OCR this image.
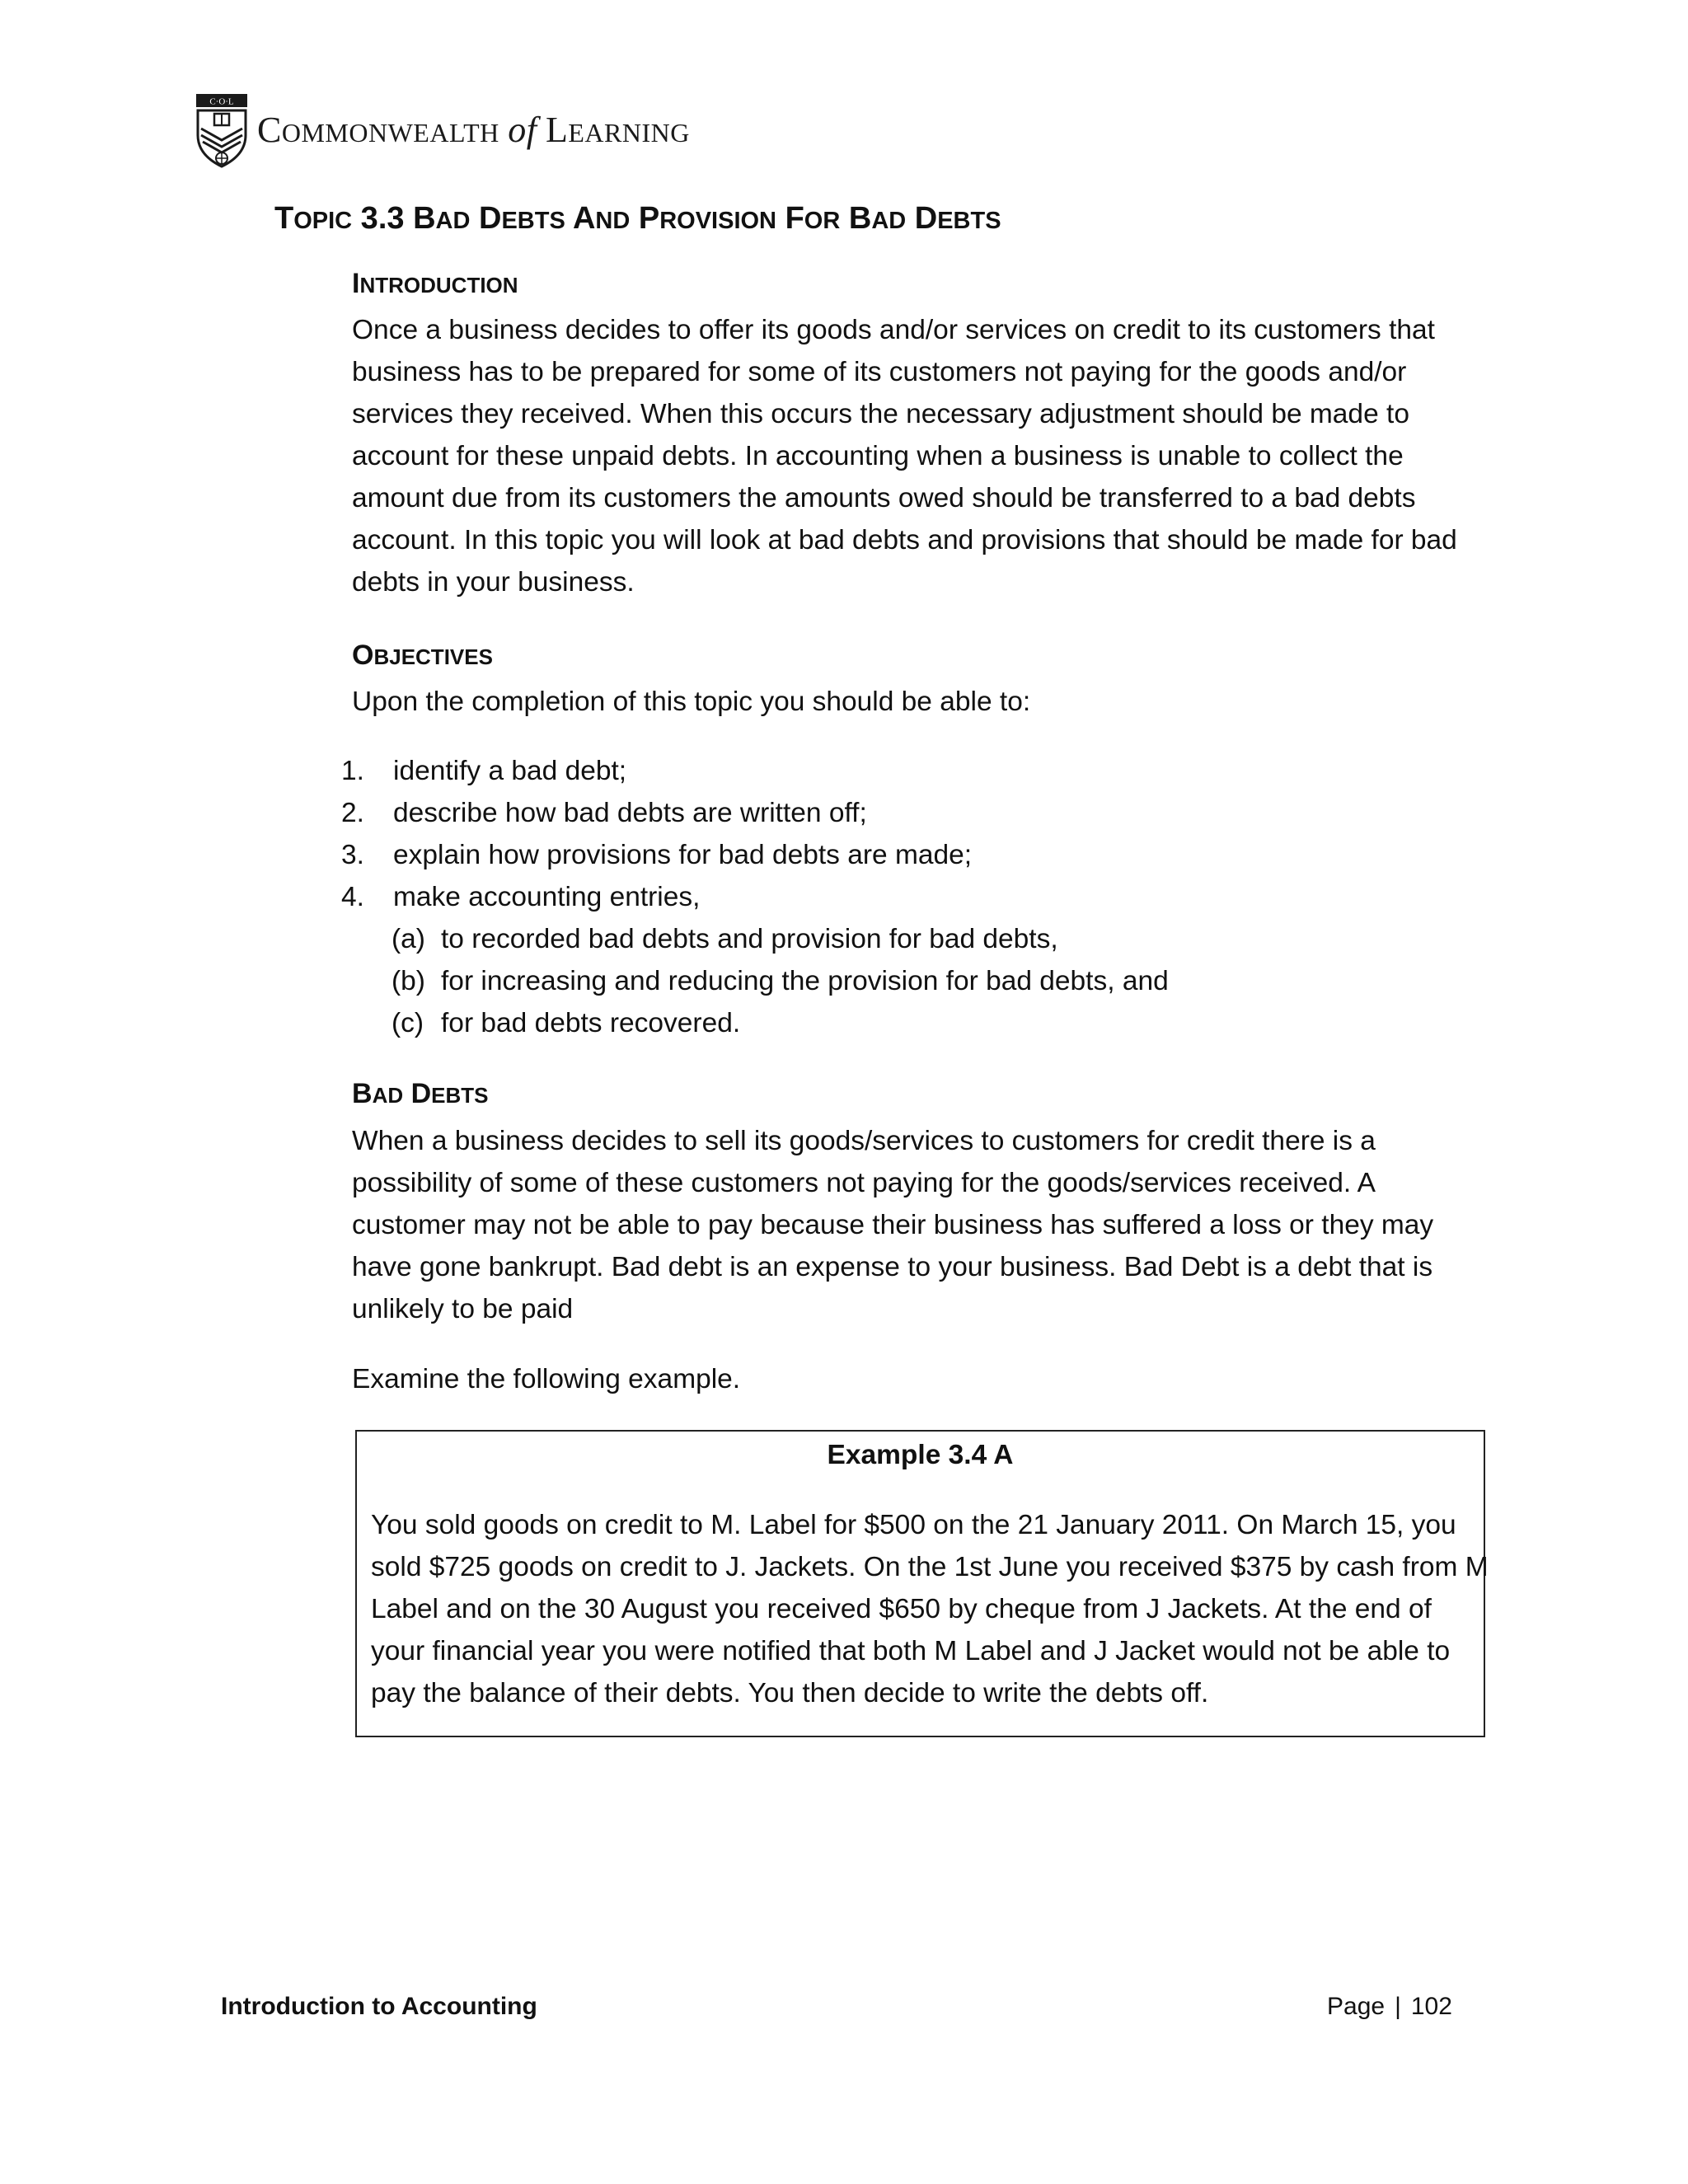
C·O·L
COMMONWEALTH of LEARNING
TOPIC 3.3 BAD DEBTS AND PROVISION FOR BAD DEBTS
INTRODUCTION
Once a business decides to offer its goods and/or services on credit to its customers that
business has to be prepared for some of its customers not paying for the goods and/or
services they received. When this occurs the necessary adjustment should be made to
account for these unpaid debts. In accounting when a business is unable to collect the
amount due from its customers the amounts owed should be transferred to a bad debts
account. In this topic you will look at bad debts and provisions that should be made for bad
debts in your business.
OBJECTIVES
Upon the completion of this topic you should be able to:
1.	identify a bad debt;
2.	describe how bad debts are written off;
3.	explain how provisions for bad debts are made;
4.	make accounting entries,
(a) to recorded bad debts and provision for bad debts,
(b) for increasing and reducing the provision for bad debts, and
(c) for bad debts recovered.
BAD DEBTS
When a business decides to sell its goods/services to customers for credit there is a
possibility of some of these customers not paying for the goods/services received. A
customer may not be able to pay because their business has suffered a loss or they may
have gone bankrupt. Bad debt is an expense to your business. Bad Debt is a debt that is
unlikely to be paid
Examine the following example.
Example 3.4 A
You sold goods on credit to M. Label for $500 on the 21 January 2011. On March 15, you
sold $725 goods on credit to J. Jackets. On the 1st June you received $375 by cash from M
Label and on the 30 August you received $650 by cheque from J Jackets. At the end of
your financial year you were notified that both M Label and J Jacket would not be able to
pay the balance of their debts. You then decide to write the debts off.
Introduction to Accounting	Page | 102
